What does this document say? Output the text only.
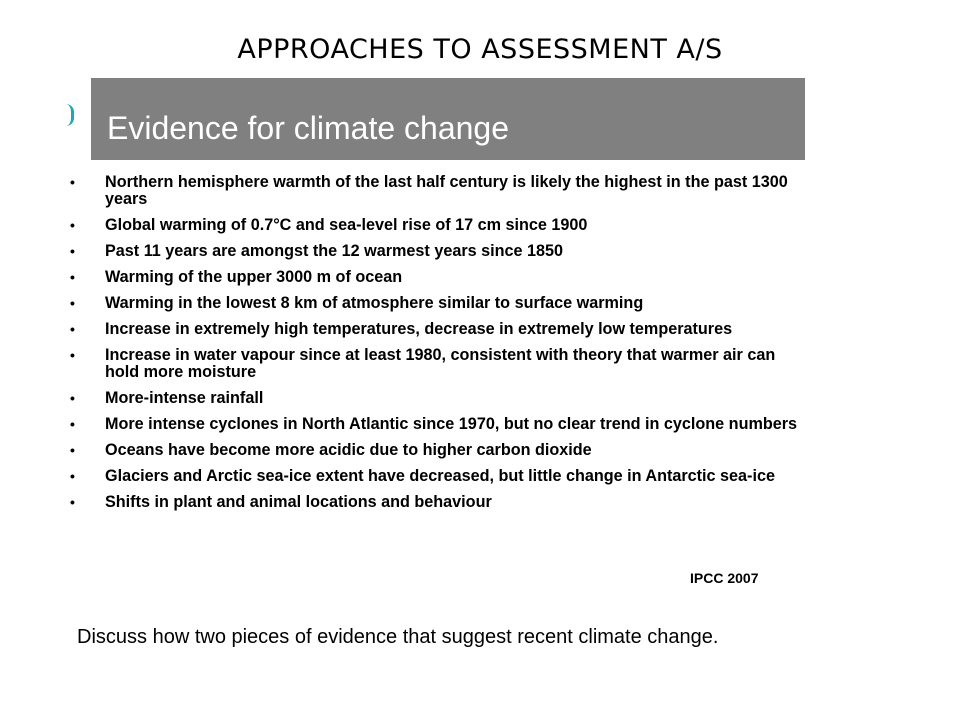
APPROACHES TO ASSESSMENT A/S
Evidence for climate change
• Northern hemisphere warmth of the last half century is likely the highest in the past 1300 years
• Global warming of 0.7°C and sea-level rise of 17 cm since 1900
• Past 11 years are amongst the 12 warmest years since 1850
• Warming of the upper 3000 m of ocean
• Warming in the lowest 8 km of atmosphere similar to surface warming
• Increase in extremely high temperatures, decrease in extremely low temperatures
• Increase in water vapour since at least 1980, consistent with theory that warmer air can hold more moisture
• More-intense rainfall
• More intense cyclones in North Atlantic since 1970, but no clear trend in cyclone numbers
• Oceans have become more acidic due to higher carbon dioxide
• Glaciers and Arctic sea-ice extent have decreased, but little change in Antarctic sea-ice
• Shifts in plant and animal locations and behaviour
IPCC 2007
Discuss how two pieces of evidence that suggest recent climate change.
